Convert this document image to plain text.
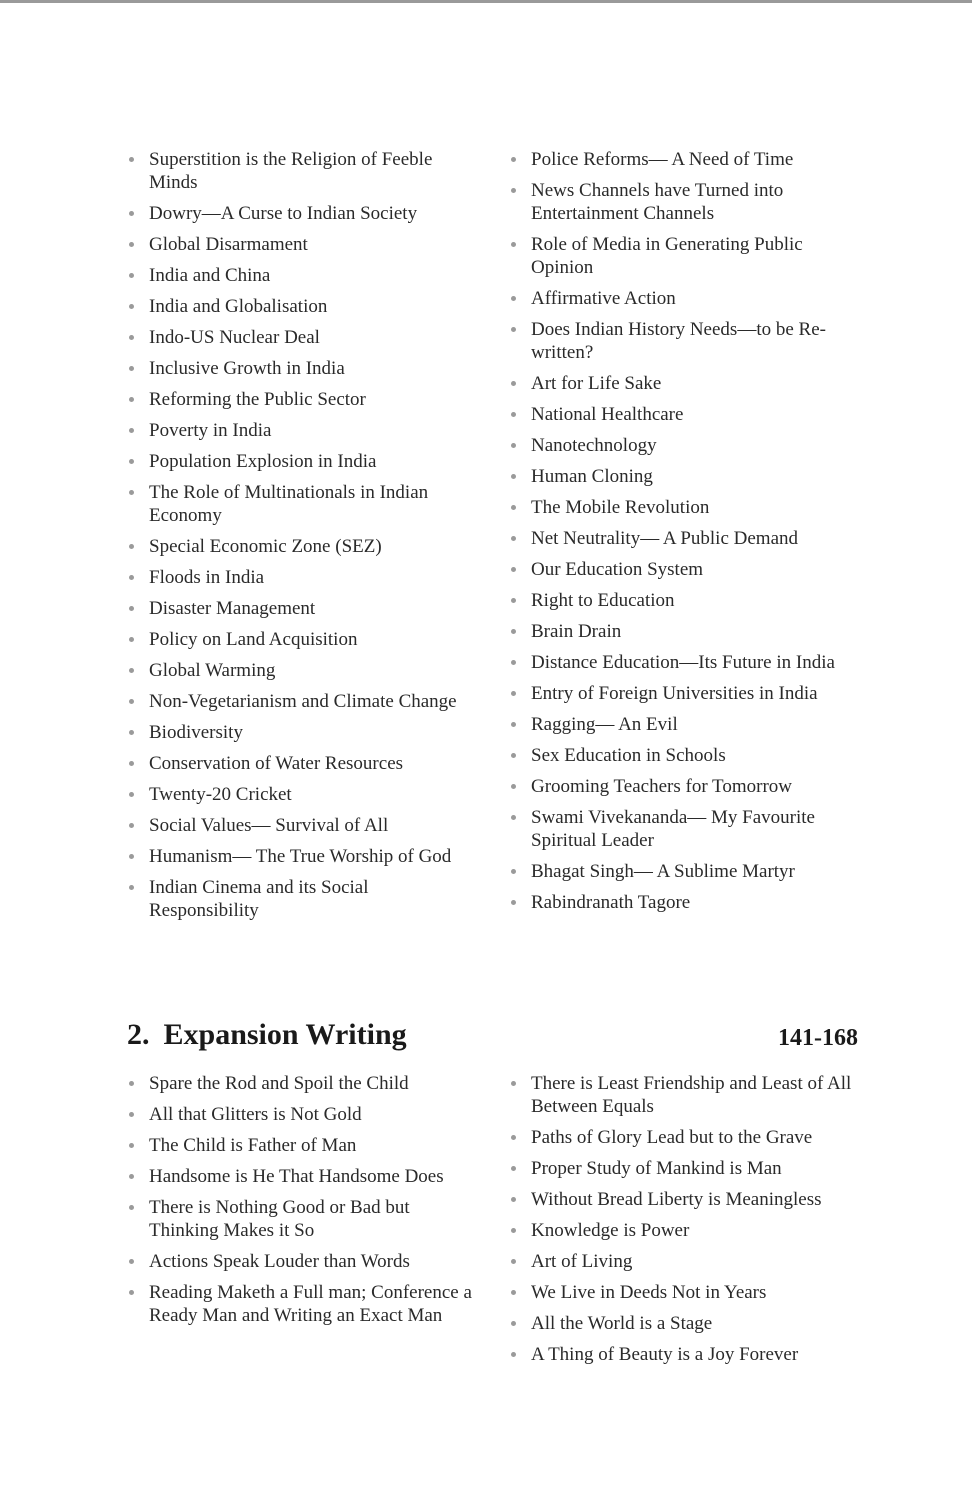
Superstition is the Religion of Feeble Minds
Dowry—A Curse to Indian Society
Global Disarmament
India and China
India and Globalisation
Indo-US Nuclear Deal
Inclusive Growth in India
Reforming the Public Sector
Poverty in India
Population Explosion in India
The Role of Multinationals in Indian Economy
Special Economic Zone (SEZ)
Floods in India
Disaster Management
Policy on Land Acquisition
Global Warming
Non-Vegetarianism and Climate Change
Biodiversity
Conservation of Water Resources
Twenty-20 Cricket
Social Values— Survival of All
Humanism— The True Worship of God
Indian Cinema and its Social Responsibility
Police Reforms— A Need of Time
News Channels have Turned into Entertainment Channels
Role of Media in Generating Public Opinion
Affirmative Action
Does Indian History Needs—to be Re-written?
Art for Life Sake
National Healthcare
Nanotechnology
Human Cloning
The Mobile Revolution
Net Neutrality— A Public Demand
Our Education System
Right to Education
Brain Drain
Distance Education—Its Future in India
Entry of Foreign Universities in India
Ragging— An Evil
Sex Education in Schools
Grooming Teachers for Tomorrow
Swami Vivekananda— My Favourite Spiritual Leader
Bhagat Singh— A Sublime Martyr
Rabindranath Tagore
2. Expansion Writing	141-168
Spare the Rod and Spoil the Child
All that Glitters is Not Gold
The Child is Father of Man
Handsome is He That Handsome Does
There is Nothing Good or Bad but Thinking Makes it So
Actions Speak Louder than Words
Reading Maketh a Full man; Conference a Ready Man and Writing an Exact Man
There is Least Friendship and Least of All Between Equals
Paths of Glory Lead but to the Grave
Proper Study of Mankind is Man
Without Bread Liberty is Meaningless
Knowledge is Power
Art of Living
We Live in Deeds Not in Years
All the World is a Stage
A Thing of Beauty is a Joy Forever
